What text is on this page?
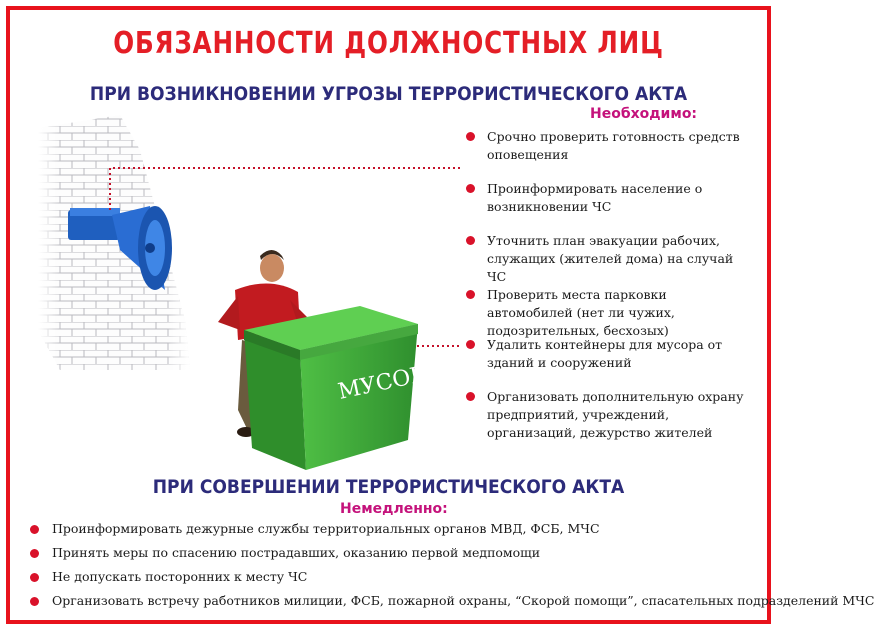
ОБЯЗАННОСТИ ДОЛЖНОСТНЫХ ЛИЦ
ПРИ ВОЗНИКНОВЕНИИ УГРОЗЫ ТЕРРОРИСТИЧЕСКОГО АКТА
Необходимо:
МУСОР
Срочно проверить готовность средств оповещения
Проинформировать население о возникновении ЧС
Уточнить план эвакуации рабочих, служащих (жителей дома) на случай ЧС
Проверить места парковки автомобилей (нет ли чужих, подозрительных, бесхозых)
Удалить контейнеры для мусора от зданий и сооружений
Организовать дополнительную охрану предприятий, учреждений, организаций, дежурство жителей
ПРИ СОВЕРШЕНИИ ТЕРРОРИСТИЧЕСКОГО АКТА
Немедленно:
Проинформировать дежурные службы территориальных органов МВД, ФСБ, МЧС
Принять меры по спасению пострадавших, оказанию первой медпомощи
Не допускать посторонних к месту ЧС
Организовать встречу работников милиции, ФСБ, пожарной охраны, “Скорой помощи”, спасательных подразделений МЧС
